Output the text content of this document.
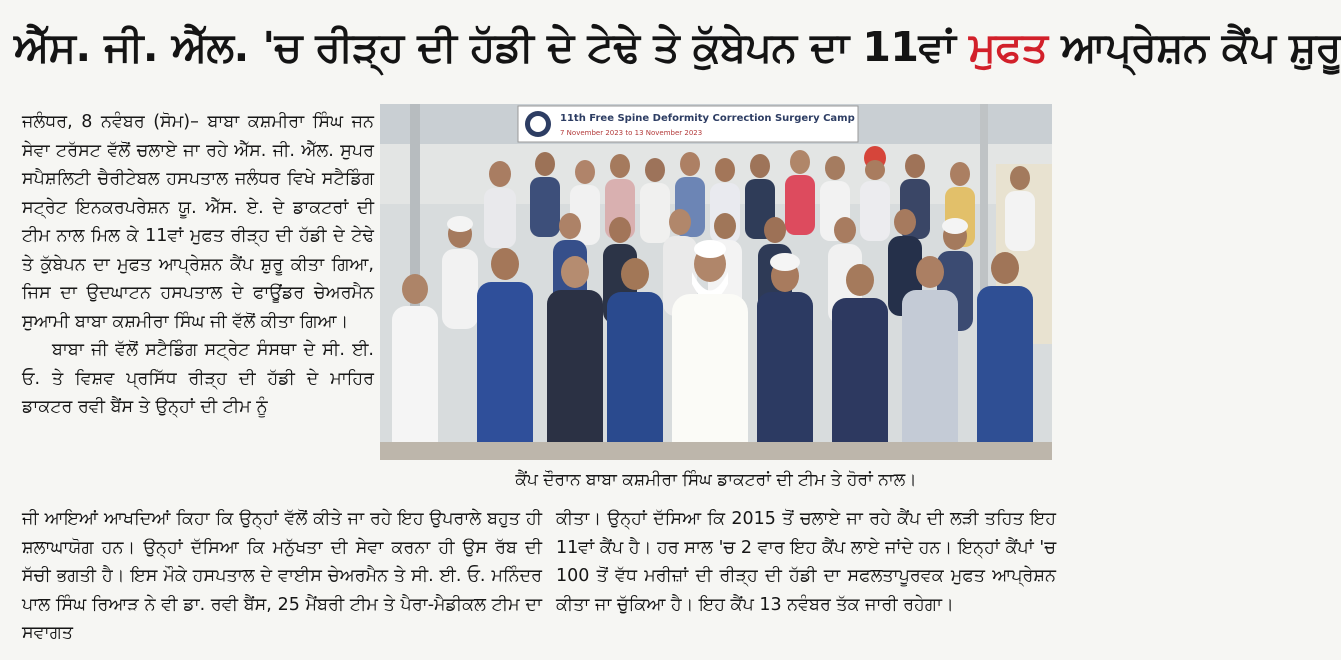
ਐੱਸ. ਜੀ. ਐੱਲ. 'ਚ ਰੀੜ੍ਹ ਦੀ ਹੱਡੀ ਦੇ ਟੇਢੇ ਤੇ ਕੁੱਬੇਪਨ ਦਾ 11ਵਾਂ ਮੁਫਤ ਆਪ੍ਰੇਸ਼ਨ ਕੈਂਪ ਸ਼ੁਰੂ

ਜਲੰਧਰ, 8 ਨਵੰਬਰ (ਸੋਮ)– ਬਾਬਾ ਕਸ਼ਮੀਰਾ ਸਿੰਘ ਜਨ ਸੇਵਾ ਟਰੱਸਟ ਵੱਲੋਂ ਚਲਾਏ ਜਾ ਰਹੇ ਐੱਸ. ਜੀ. ਐੱਲ. ਸੁਪਰ ਸਪੈਸ਼ਲਿਟੀ ਚੈਰੀਟੇਬਲ ਹਸਪਤਾਲ ਜਲੰਧਰ ਵਿਖੇ ਸਟੈਡਿੰਗ ਸਟ੍ਰੇਟ ਇਨਕਰਪਰੇਸ਼ਨ ਯੂ. ਐੱਸ. ਏ. ਦੇ ਡਾਕਟਰਾਂ ਦੀ ਟੀਮ ਨਾਲ ਮਿਲ ਕੇ 11ਵਾਂ ਮੁਫਤ ਰੀੜ੍ਹ ਦੀ ਹੱਡੀ ਦੇ ਟੇਢੇ ਤੇ ਕੁੱਬੇਪਨ ਦਾ ਮੁਫਤ ਆਪ੍ਰੇਸ਼ਨ ਕੈਂਪ ਸ਼ੁਰੂ ਕੀਤਾ ਗਿਆ, ਜਿਸ ਦਾ ਉਦਘਾਟਨ ਹਸਪਤਾਲ ਦੇ ਫਾਊਂਡਰ ਚੇਅਰਮੈਨ ਸੁਆਮੀ ਬਾਬਾ ਕਸ਼ਮੀਰਾ ਸਿੰਘ ਜੀ ਵੱਲੋਂ ਕੀਤਾ ਗਿਆ।

ਬਾਬਾ ਜੀ ਵੱਲੋਂ ਸਟੈਡਿੰਗ ਸਟ੍ਰੇਟ ਸੰਸਥਾ ਦੇ ਸੀ. ਈ. ਓ. ਤੇ ਵਿਸ਼ਵ ਪ੍ਰਸਿੱਧ ਰੀੜ੍ਹ ਦੀ ਹੱਡੀ ਦੇ ਮਾਹਿਰ ਡਾਕਟਰ ਰਵੀ ਬੈਂਸ ਤੇ ਉਨ੍ਹਾਂ ਦੀ ਟੀਮ ਨੂੰ

11th Free Spine Deformity Correction Surgery Camp
7 November 2023 to 13 November 2023
ਕੈਂਪ ਦੌਰਾਨ ਬਾਬਾ ਕਸ਼ਮੀਰਾ ਸਿੰਘ ਡਾਕਟਰਾਂ ਦੀ ਟੀਮ ਤੇ ਹੋਰਾਂ ਨਾਲ।

ਜੀ ਆਇਆਂ ਆਖਦਿਆਂ ਕਿਹਾ ਕਿ ਉਨ੍ਹਾਂ ਵੱਲੋਂ ਕੀਤੇ ਜਾ ਰਹੇ ਇਹ ਉਪਰਾਲੇ ਬਹੁਤ ਹੀ ਸ਼ਲਾਘਾਯੋਗ ਹਨ। ਉਨ੍ਹਾਂ ਦੱਸਿਆ ਕਿ ਮਨੁੱਖਤਾ ਦੀ ਸੇਵਾ ਕਰਨਾ ਹੀ ਉਸ ਰੱਬ ਦੀ ਸੱਚੀ ਭਗਤੀ ਹੈ। ਇਸ ਮੌਕੇ ਹਸਪਤਾਲ ਦੇ ਵਾਈਸ ਚੇਅਰਮੈਨ ਤੇ ਸੀ. ਈ. ਓ. ਮਨਿੰਦਰ ਪਾਲ ਸਿੰਘ ਰਿਆੜ ਨੇ ਵੀ ਡਾ. ਰਵੀ ਬੈਂਸ, 25 ਮੈਂਬਰੀ ਟੀਮ ਤੇ ਪੈਰਾ-ਮੈਡੀਕਲ ਟੀਮ ਦਾ ਸਵਾਗਤ

ਕੀਤਾ। ਉਨ੍ਹਾਂ ਦੱਸਿਆ ਕਿ 2015 ਤੋਂ ਚਲਾਏ ਜਾ ਰਹੇ ਕੈਂਪ ਦੀ ਲੜੀ ਤਹਿਤ ਇਹ 11ਵਾਂ ਕੈਂਪ ਹੈ। ਹਰ ਸਾਲ 'ਚ 2 ਵਾਰ ਇਹ ਕੈਂਪ ਲਾਏ ਜਾਂਦੇ ਹਨ। ਇਨ੍ਹਾਂ ਕੈਂਪਾਂ 'ਚ 100 ਤੋਂ ਵੱਧ ਮਰੀਜ਼ਾਂ ਦੀ ਰੀੜ੍ਹ ਦੀ ਹੱਡੀ ਦਾ ਸਫਲਤਾਪੂਰਵਕ ਮੁਫਤ ਆਪ੍ਰੇਸ਼ਨ ਕੀਤਾ ਜਾ ਚੁੱਕਿਆ ਹੈ। ਇਹ ਕੈਂਪ 13 ਨਵੰਬਰ ਤੱਕ ਜਾਰੀ ਰਹੇਗਾ।
